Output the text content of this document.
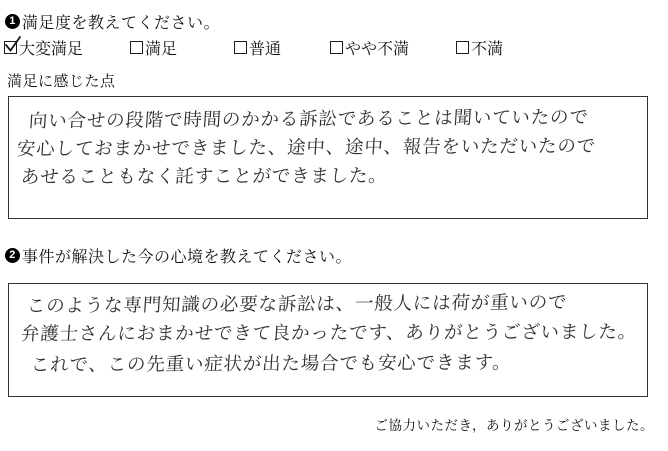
1 満足度を教えてください。
大変満足	満足	普通	やや不満	不満
満足に感じた点
向い合せの段階で時間のかかる訴訟であることは聞いていたので
安心しておまかせできました、途中、途中、報告をいただいたので
あせることもなく託すことができました。
2 事件が解決した今の心境を教えてください。
このような専門知識の必要な訴訟は、一般人には荷が重いので
弁護士さんにおまかせできて良かったです、ありがとうございました。
これで、この先重い症状が出た場合でも安心できます。
ご協力いただき，ありがとうございました。
